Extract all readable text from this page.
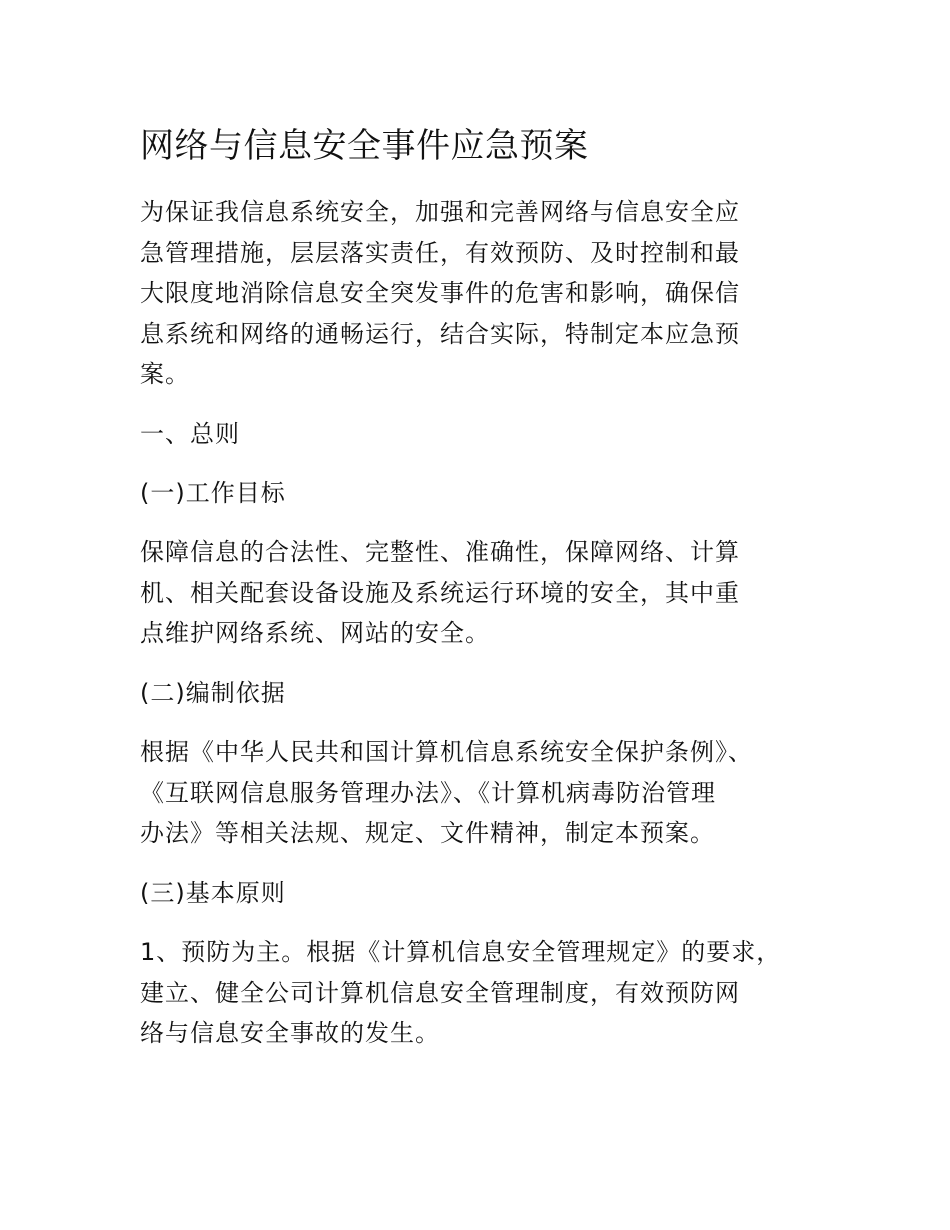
网络与信息安全事件应急预案
为保证我信息系统安全，加强和完善网络与信息安全应
急管理措施，层层落实责任，有效预防、及时控制和最
大限度地消除信息安全突发事件的危害和影响，确保信
息系统和网络的通畅运行，结合实际，特制定本应急预
案。
一、总则
(一)工作目标
保障信息的合法性、完整性、准确性，保障网络、计算
机、相关配套设备设施及系统运行环境的安全，其中重
点维护网络系统、网站的安全。
(二)编制依据
根据《中华人民共和国计算机信息系统安全保护条例》、
《互联网信息服务管理办法》、《计算机病毒防治管理
办法》等相关法规、规定、文件精神，制定本预案。
(三)基本原则
1、预防为主。根据《计算机信息安全管理规定》的要求，
建立、健全公司计算机信息安全管理制度，有效预防网
络与信息安全事故的发生。
